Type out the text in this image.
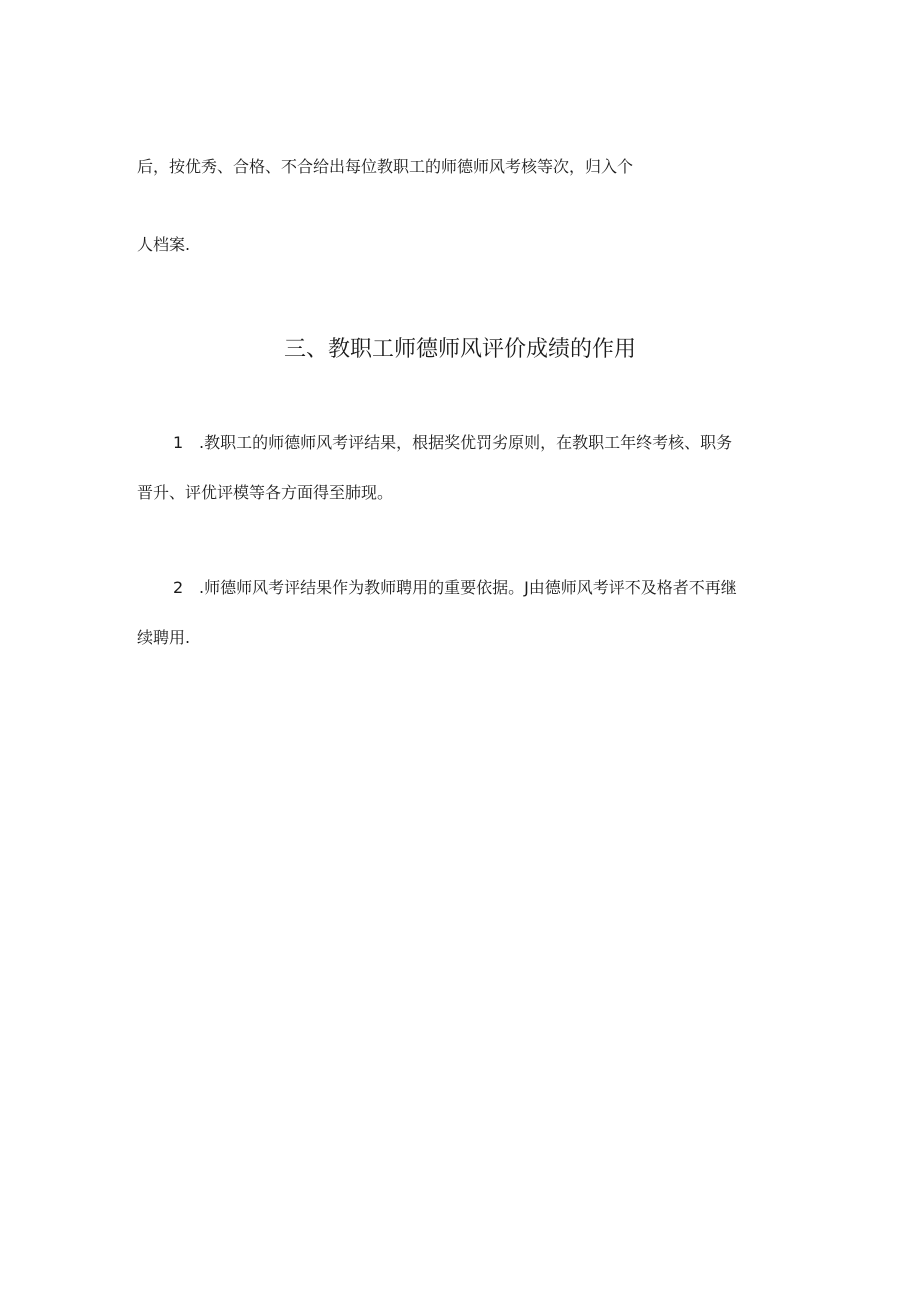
后，按优秀、合格、不合给出每位教职工的师德师风考核等次，归入个
人档案.
三、教职工师德师风评价成绩的作用
1 .教职工的师德师风考评结果，根据奖优罚劣原则，在教职工年终考核、职务
晋升、评优评模等各方面得至肺现。
2 .师德师风考评结果作为教师聘用的重要依据。J由德师风考评不及格者不再继
续聘用.
